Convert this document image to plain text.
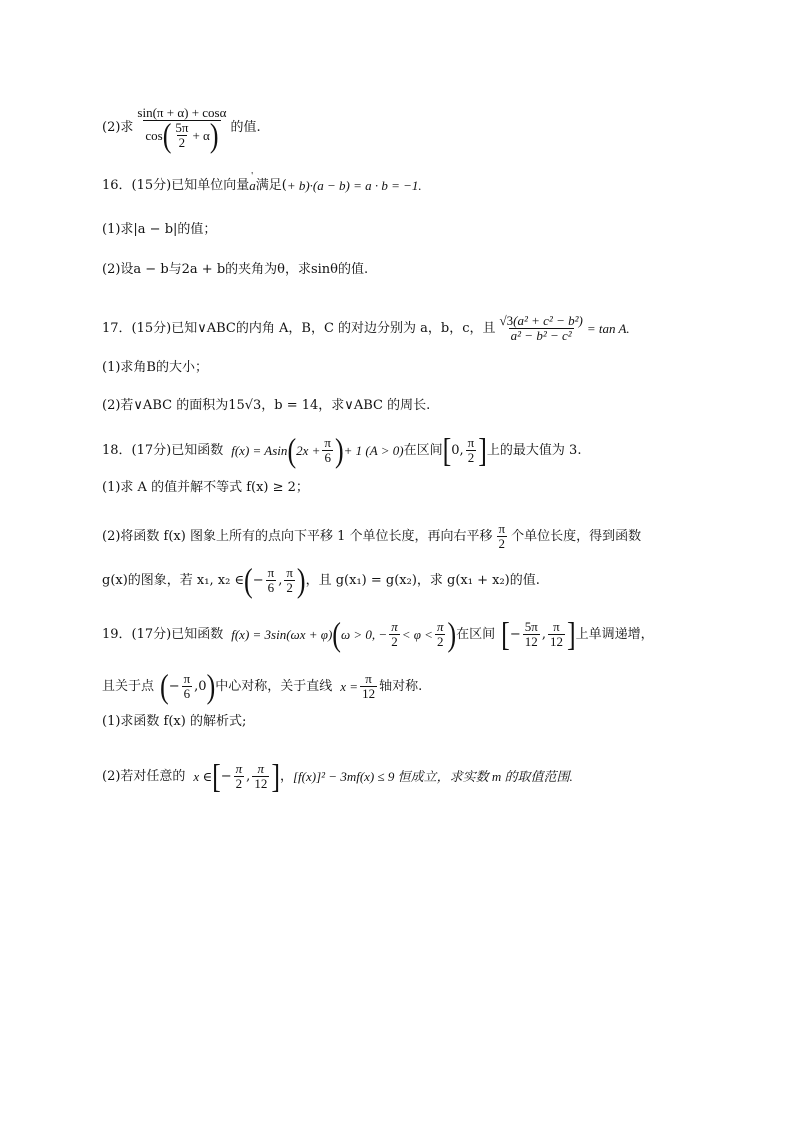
(2)求
sin(π + α) + cosα
cos ( $\frac{5\pi}{2} + \alpha$ ) 的值.
16．(15分)已知单位向量
' a 满足( + b)·(a − b) = a · b = −1.
(1)求|a − b|的值；
(2)设a − b与2a + b的夹角为θ，求sinθ的值.
17．(15分)已知∨ABC的内角 A，B，C 的对边分别为 a，b，c，且 $\frac{\text{√3(a² + c² − b²)}}{\text{a² − b² − c²}} = \tan A$.
(1)求角B的大小；
(2)若∨ABC 的面积为15√3，b = 14，求∨ABC 的周长.
18．(17分)已知函数 f(x) = Asin ( $2x + \frac{\pi}{6}$ ) + 1 (A > 0) 在区间 [ 0, $\frac{\pi}{2}$ ] 上的最大值为 3.
(1)求 A 的值并解不等式 f(x) ≥ 2；
(2)将函数 f(x) 图象上所有的点向下平移 1 个单位长度，再向右平移 $\frac{\pi}{2}$ 个单位长度，得到函数
g(x)的图象，若 x₁, x₂ ∈ ( − $\frac{\pi}{6}$ , $\frac{\pi}{2}$ ) ，且 g(x₁) = g(x₂)，求 g(x₁ + x₂)的值.
19．(17分)已知函数 f(x) = 3sin(ωx + φ) ( ω > 0, − $\frac{\pi}{2} < \varphi < \frac{\pi}{2}$ ) 在区间 [ − $\frac{5\pi}{12}$ , $\frac{\pi}{12}$ ] 上单调递增，
且关于点 ( − $\frac{\pi}{6} ,0$ ) 中心对称，关于直线 $x = \frac{\pi}{12}$ 轴对称.
(1)求函数 f(x) 的解析式;
(2)若对任意的 x ∈ [ − $\frac{\pi}{2}$ , $\frac{\pi}{12}$ ] ， [f(x)]² − 3mf(x) ≤ 9 恒成立，求实数 m 的取值范围.
